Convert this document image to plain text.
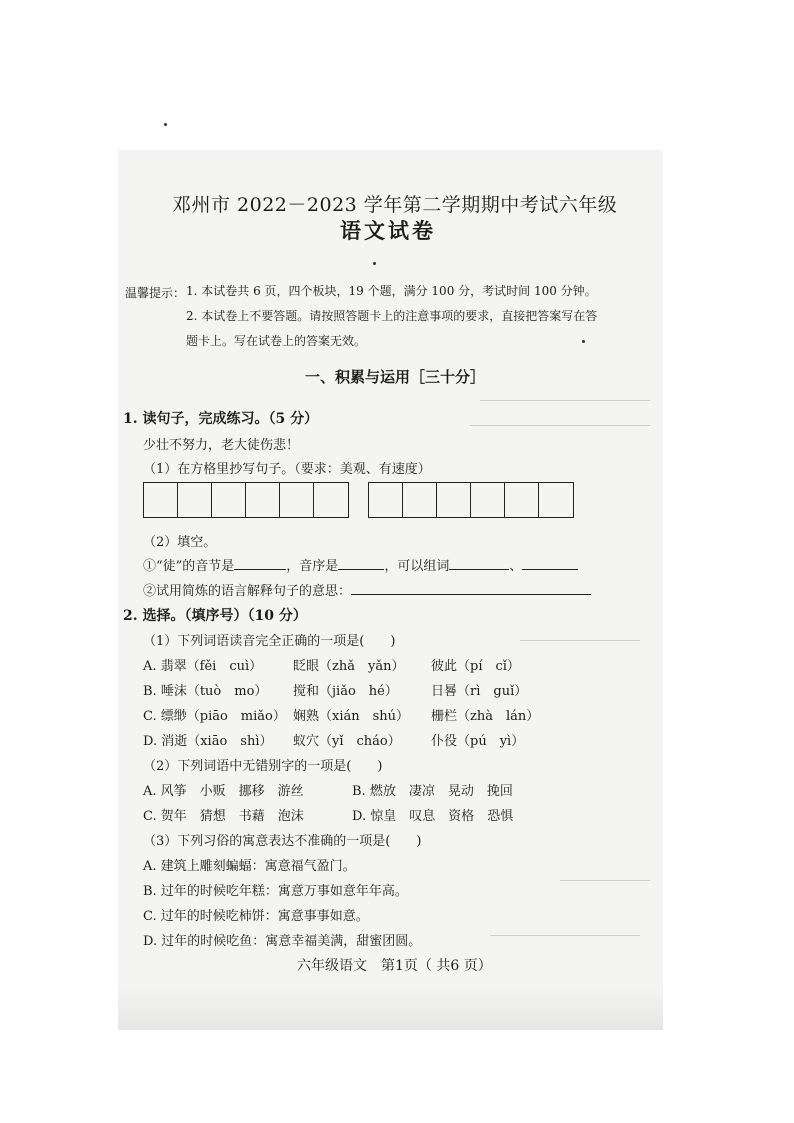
邓州市 2022－2023 学年第二学期期中考试六年级
语文试卷
温馨提示： 1. 本试卷共 6 页，四个板块，19 个题，满分 100 分，考试时间 100 分钟。
2. 本试卷上不要答题。请按照答题卡上的注意事项的要求，直接把答案写在答
题卡上。写在试卷上的答案无效。
一、积累与运用［三十分］
1. 读句子，完成练习。（5 分）
少壮不努力，老大徒伤悲！
（1）在方格里抄写句子。（要求：美观、有速度）
（2）填空。
①“徒”的音节是	，音序是	，可以组词	、
②试用简炼的语言解释句子的意思：
2. 选择。（填序号）（10 分）
（1）下列词语读音完全正确的一项是(　　)
A. 翡翠（fěi　cuì） 眨眼（zhǎ　yǎn） 彼此（pí　cǐ）
B. 唾沫（tuò　mo） 搅和（jiǎo　hé）	日晷（rì　guǐ）
C. 缥缈（piāo　miǎo） 娴熟（xián　shú） 栅栏（zhà　lán）
D. 消逝（xiāo　shì） 蚁穴（yǐ　cháo） 仆役（pú　yì）
（2）下列词语中无错别字的一项是(　　)
A. 风筝　小贩　挪移　游丝	B. 燃放　凄凉　晃动　挽回
C. 贺年　猜想　书藉　泡沫	D. 惊皇　叹息　资格　恐惧
（3）下列习俗的寓意表达不准确的一项是(　　)
A. 建筑上雕刻蝙蝠：寓意福气盈门。
B. 过年的时候吃年糕：寓意万事如意年年高。
C. 过年的时候吃柿饼：寓意事事如意。
D. 过年的时候吃鱼：寓意幸福美满，甜蜜团圆。
六年级语文　第1页（ 共6 页）
